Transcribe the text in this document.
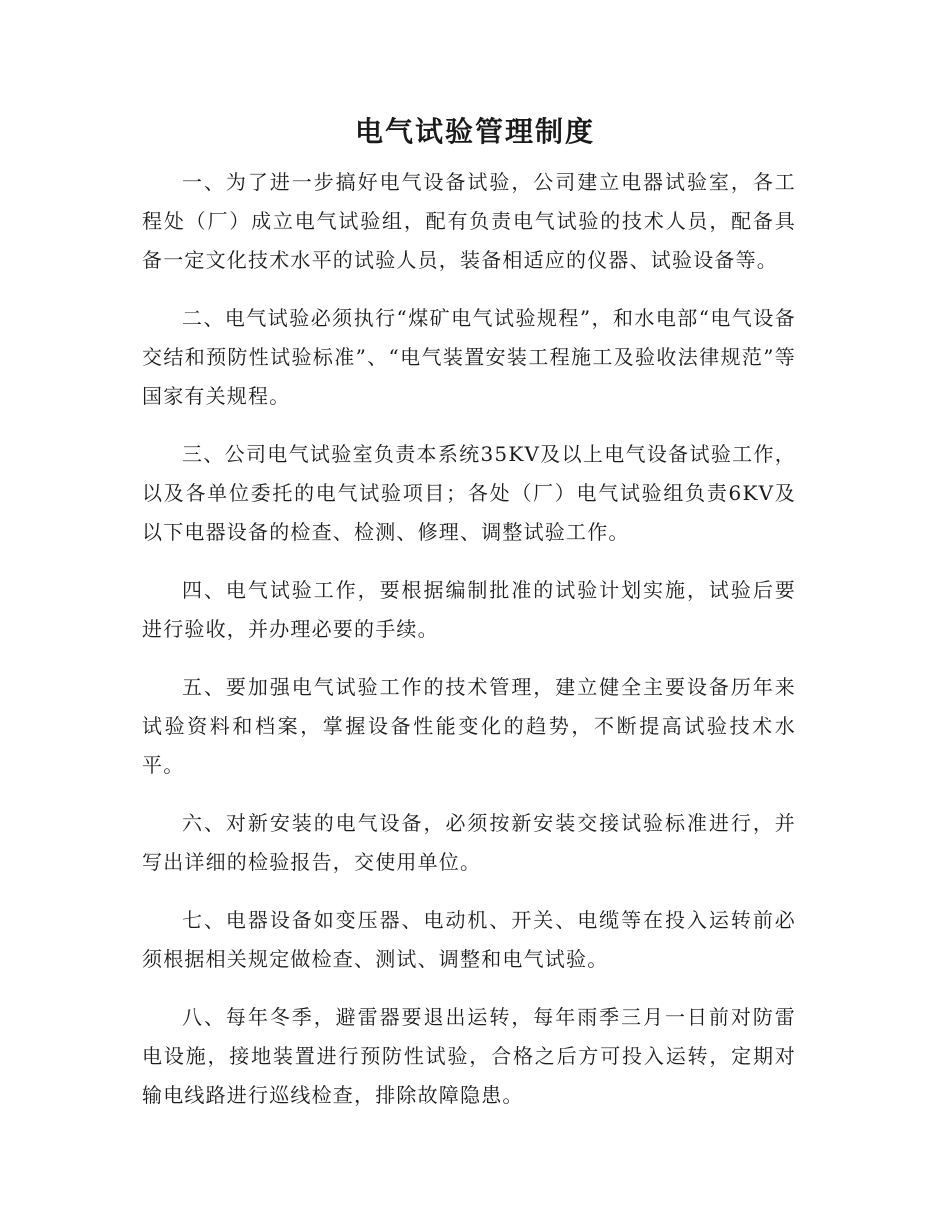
电气试验管理制度

一、为了进一步搞好电气设备试验，公司建立电器试验室，各工程处（厂）成立电气试验组，配有负责电气试验的技术人员，配备具备一定文化技术水平的试验人员，装备相适应的仪器、试验设备等。

二、电气试验必须执行“煤矿电气试验规程”，和水电部“电气设备交结和预防性试验标准”、“电气装置安装工程施工及验收法律规范”等国家有关规程。

三、公司电气试验室负责本系统35KV及以上电气设备试验工作，以及各单位委托的电气试验项目；各处（厂）电气试验组负责6KV及以下电器设备的检查、检测、修理、调整试验工作。

四、电气试验工作，要根据编制批准的试验计划实施，试验后要进行验收，并办理必要的手续。

五、要加强电气试验工作的技术管理，建立健全主要设备历年来试验资料和档案，掌握设备性能变化的趋势，不断提高试验技术水平。

六、对新安装的电气设备，必须按新安装交接试验标准进行，并写出详细的检验报告，交使用单位。

七、电器设备如变压器、电动机、开关、电缆等在投入运转前必须根据相关规定做检查、测试、调整和电气试验。

八、每年冬季，避雷器要退出运转，每年雨季三月一日前对防雷电设施，接地装置进行预防性试验，合格之后方可投入运转，定期对输电线路进行巡线检查，排除故障隐患。
